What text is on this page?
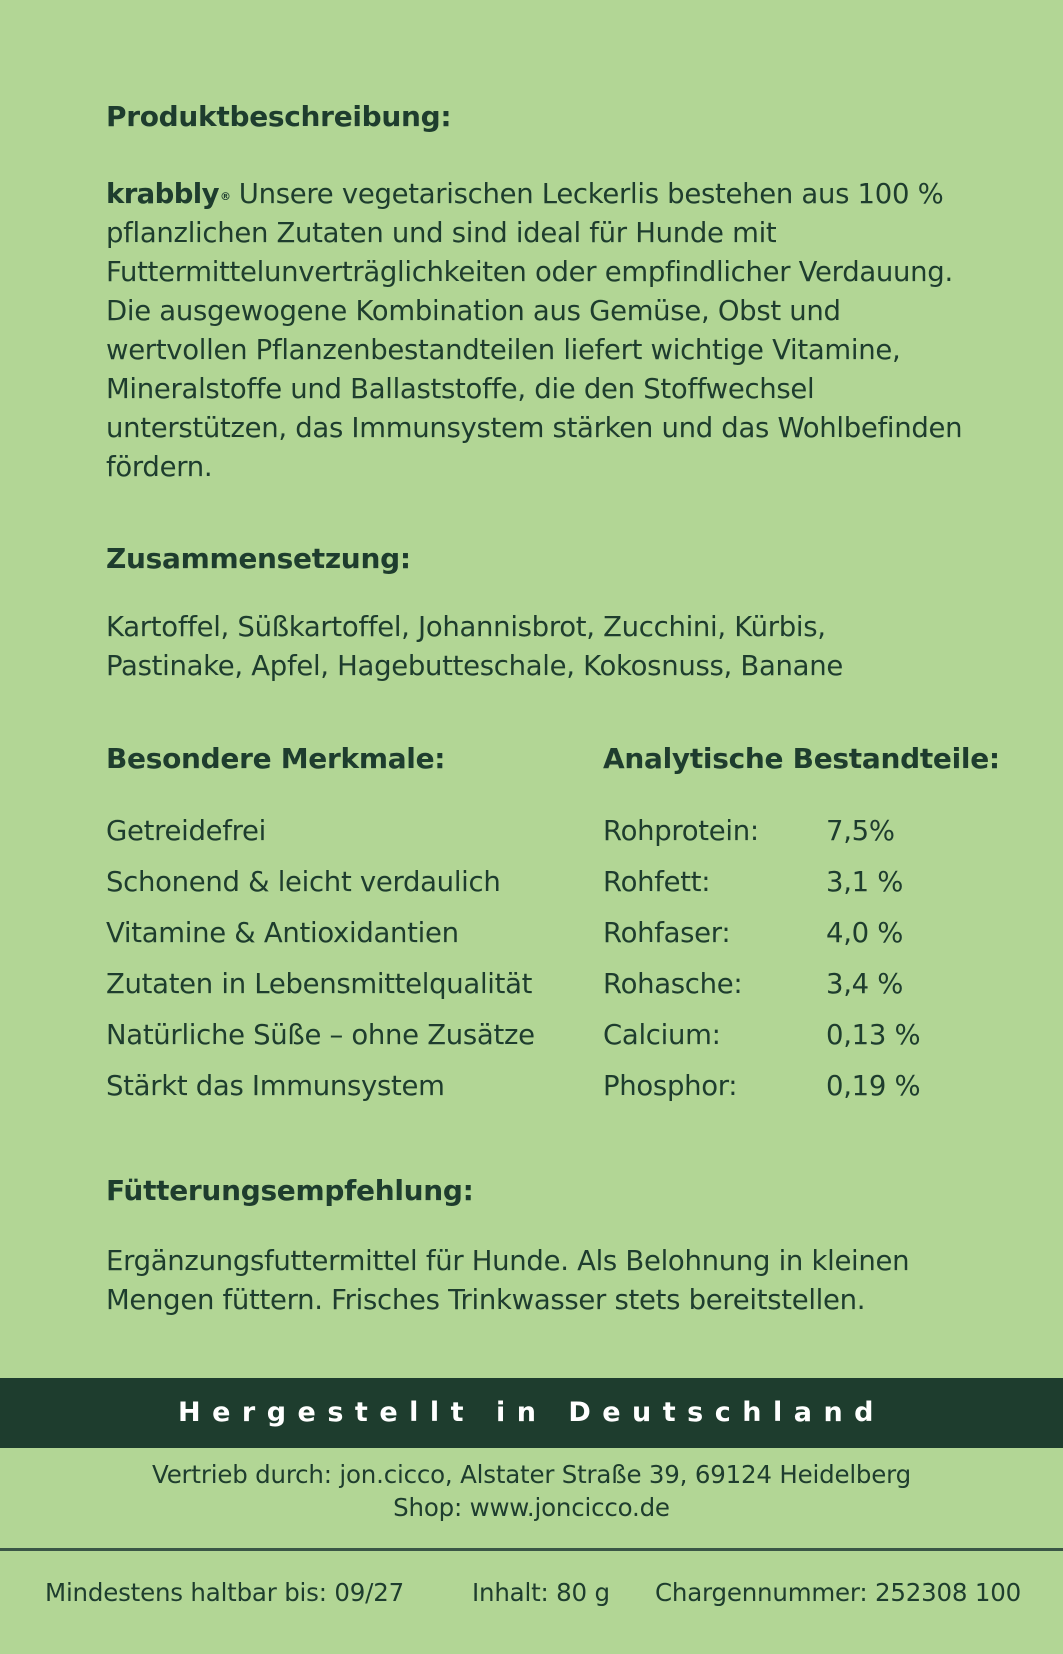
Produktbeschreibung:
krabbly® Unsere vegetarischen Leckerlis bestehen aus 100 % pflanzlichen Zutaten und sind ideal für Hunde mit Futtermittelunverträglichkeiten oder empfindlicher Verdauung. Die ausgewogene Kombination aus Gemüse, Obst und wertvollen Pflanzenbestandteilen liefert wichtige Vitamine, Mineralstoffe und Ballaststoffe, die den Stoffwechsel unterstützen, das Immunsystem stärken und das Wohlbefinden fördern.
Zusammensetzung:
Kartoffel, Süßkartoffel, Johannisbrot, Zucchini, Kürbis, Pastinake, Apfel, Hagebutteschale, Kokosnuss, Banane
Besondere Merkmale:
Getreidefrei
Schonend & leicht verdaulich
Vitamine & Antioxidantien
Zutaten in Lebensmittelqualität
Natürliche Süße – ohne Zusätze
Stärkt das Immunsystem
Analytische Bestandteile:
Rohprotein: 7,5%
Rohfett:	3,1 %
Rohfaser:	4,0 %
Rohasche:	3,4 %
Calcium:	0,13 %
Phosphor:	0,19 %
Fütterungsempfehlung:
Ergänzungsfuttermittel für Hunde. Als Belohnung in kleinen Mengen füttern. Frisches Trinkwasser stets bereitstellen.
Hergestellt in Deutschland
Vertrieb durch: jon.cicco, Alstater Straße 39, 69124 Heidelberg
Shop: www.joncicco.de
Mindestens haltbar bis: 09/27	Inhalt: 80 g Chargennummer: 252308 100
